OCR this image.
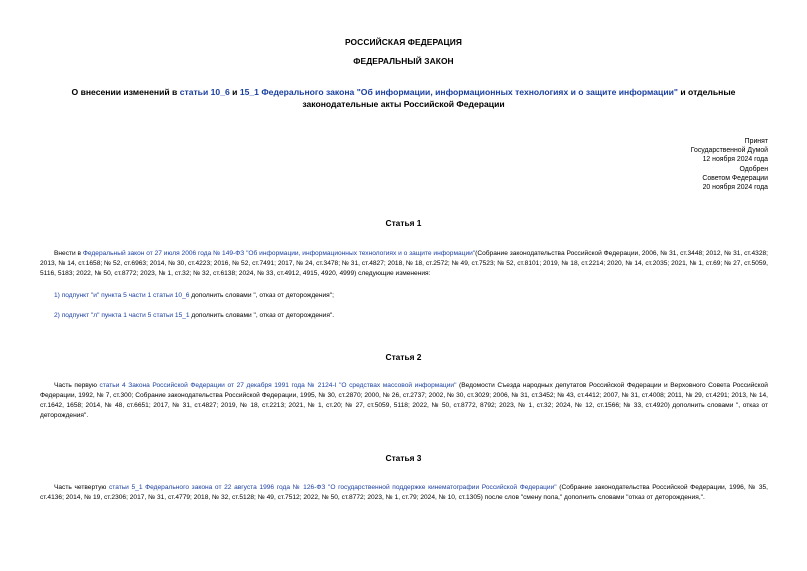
РОССИЙСКАЯ ФЕДЕРАЦИЯ
ФЕДЕРАЛЬНЫЙ ЗАКОН
О внесении изменений в статьи 10_6 и 15_1 Федерального закона "Об информации, информационных технологиях и о защите информации" и отдельные законодательные акты Российской Федерации
Принят
Государственной Думой
12 ноября 2024 года
Одобрен
Советом Федерации
20 ноября 2024 года
Статья 1
Внести в Федеральный закон от 27 июля 2006 года № 149-ФЗ "Об информации, информационных технологиях и о защите информации"(Собрание законодательства Российской Федерации, 2006, № 31, ст.3448; 2012, № 31, ст.4328; 2013, № 14, ст.1658; № 52, ст.6963; 2014, № 30, ст.4223; 2016, № 52, ст.7491; 2017, № 24, ст.3478; № 31, ст.4827; 2018, № 18, ст.2572; № 49, ст.7523; № 52, ст.8101; 2019, № 18, ст.2214; 2020, № 14, ст.2035; 2021, № 1, ст.69; № 27, ст.5059, 5116, 5183; 2022, № 50, ст.8772; 2023, № 1, ст.32; № 32, ст.6138; 2024, № 33, ст.4912, 4915, 4920, 4999) следующие изменения:
1) подпункт "и" пункта 5 части 1 статьи 10_6 дополнить словами ", отказ от деторождения";
2) подпункт "л" пункта 1 части 5 статьи 15_1 дополнить словами ", отказ от деторождения".
Статья 2
Часть первую статьи 4 Закона Российской Федерации от 27 декабря 1991 года № 2124-I "О средствах массовой информации" (Ведомости Съезда народных депутатов Российской Федерации и Верховного Совета Российской Федерации, 1992, № 7, ст.300; Собрание законодательства Российской Федерации, 1995, № 30, ст.2870; 2000, № 26, ст.2737; 2002, № 30, ст.3029; 2006, № 31, ст.3452; № 43, ст.4412; 2007, № 31, ст.4008; 2011, № 29, ст.4291; 2013, № 14, ст.1642, 1658; 2014, № 48, ст.6651; 2017, № 31, ст.4827; 2019, № 18, ст.2213; 2021, № 1, ст.20; № 27, ст.5059, 5118; 2022, № 50, ст.8772, 8792; 2023, № 1, ст.32; 2024, № 12, ст.1566; № 33, ст.4920) дополнить словами ", отказ от деторождения".
Статья 3
Часть четвертую статьи 5_1 Федерального закона от 22 августа 1996 года № 126-ФЗ "О государственной поддержке кинематографии Российской Федерации" (Собрание законодательства Российской Федерации, 1996, № 35, ст.4136; 2014, № 19, ст.2306; 2017, № 31, ст.4779; 2018, № 32, ст.5128; № 49, ст.7512; 2022, № 50, ст.8772; 2023, № 1, ст.79; 2024, № 10, ст.1305) после слов "смену пола," дополнить словами "отказ от деторождения,".
